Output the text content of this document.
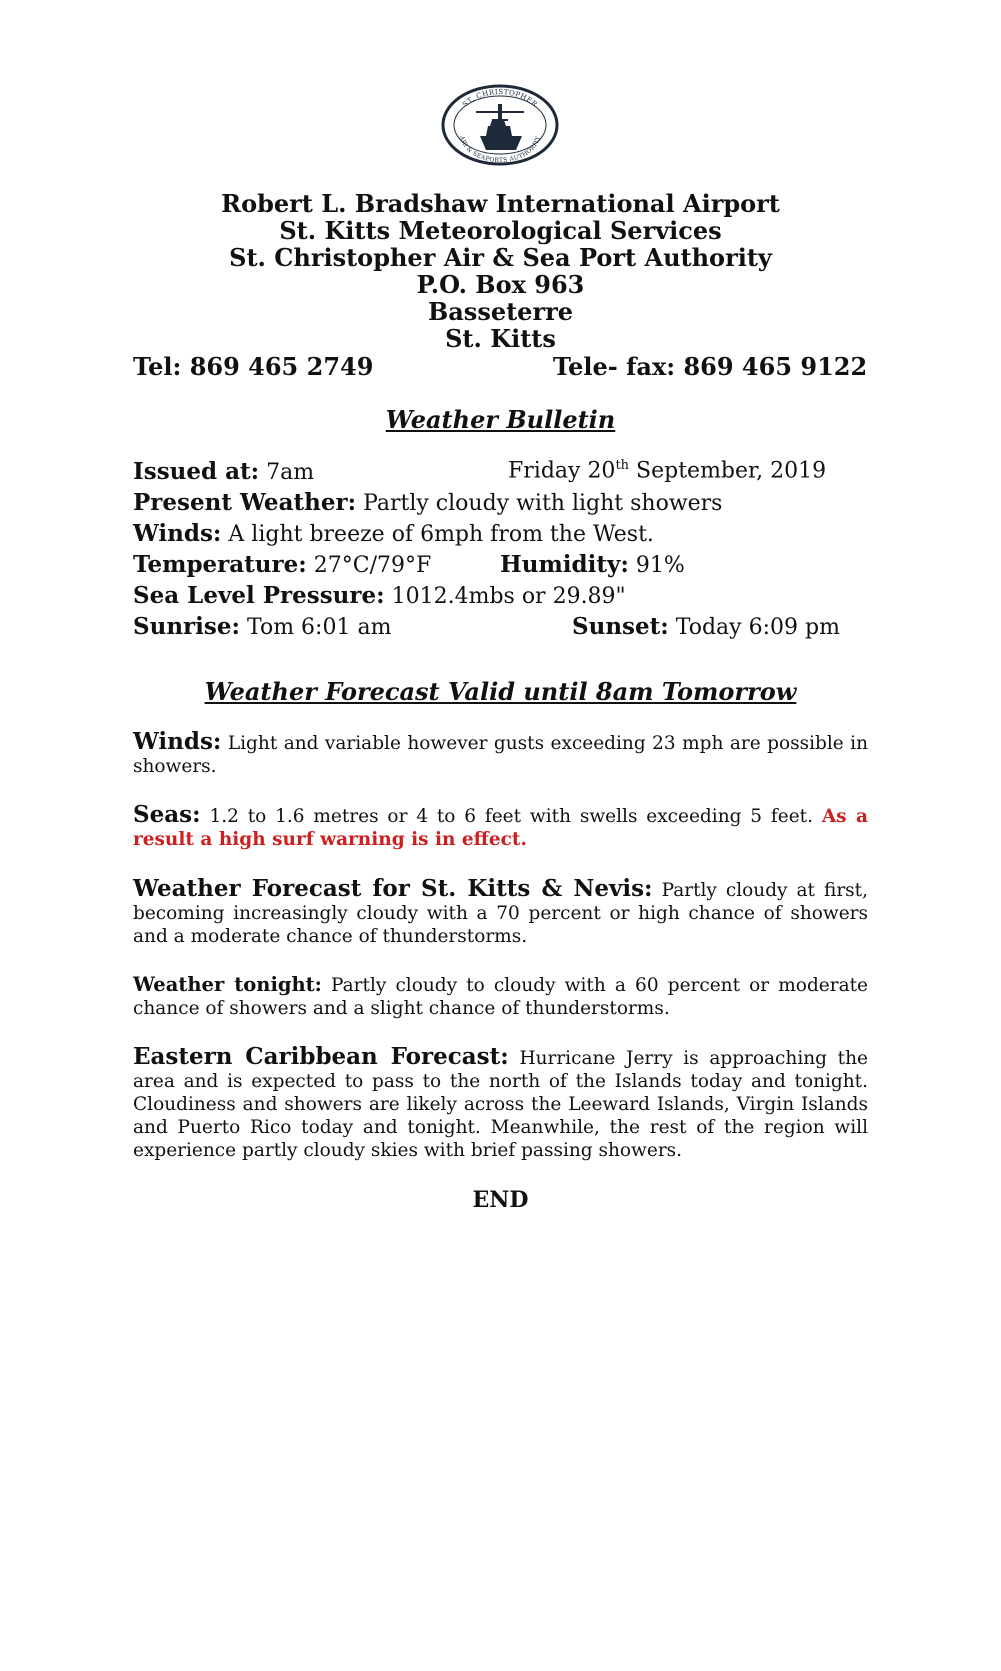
ST. CHRISTOPHER
AIR & SEAPORTS AUTHORITY
Robert L. Bradshaw International Airport
St. Kitts Meteorological Services
St. Christopher Air & Sea Port Authority
P.O. Box 963
Basseterre
St. Kitts
Tel: 869 465 2749	Tele- fax: 869 465 9122
Weather Bulletin
Issued at: 7am	Friday 20th September, 2019
Present Weather: Partly cloudy with light showers
Winds: A light breeze of 6mph from the West.
Temperature: 27°C/79°F	Humidity: 91%
Sea Level Pressure: 1012.4mbs or 29.89"
Sunrise: Tom 6:01 am	Sunset: Today 6:09 pm
Weather Forecast Valid until 8am Tomorrow
Winds: Light and variable however gusts exceeding 23 mph are possible in showers.
Seas: 1.2 to 1.6 metres or 4 to 6 feet with swells exceeding 5 feet. As a result a high surf warning is in effect.
Weather Forecast for St. Kitts & Nevis: Partly cloudy at first, becoming increasingly cloudy with a 70 percent or high chance of showers and a moderate chance of thunderstorms.
Weather tonight: Partly cloudy to cloudy with a 60 percent or moderate chance of showers and a slight chance of thunderstorms.
Eastern Caribbean Forecast: Hurricane Jerry is approaching the area and is expected to pass to the north of the Islands today and tonight. Cloudiness and showers are likely across the Leeward Islands, Virgin Islands and Puerto Rico today and tonight. Meanwhile, the rest of the region will experience partly cloudy skies with brief passing showers.
END
